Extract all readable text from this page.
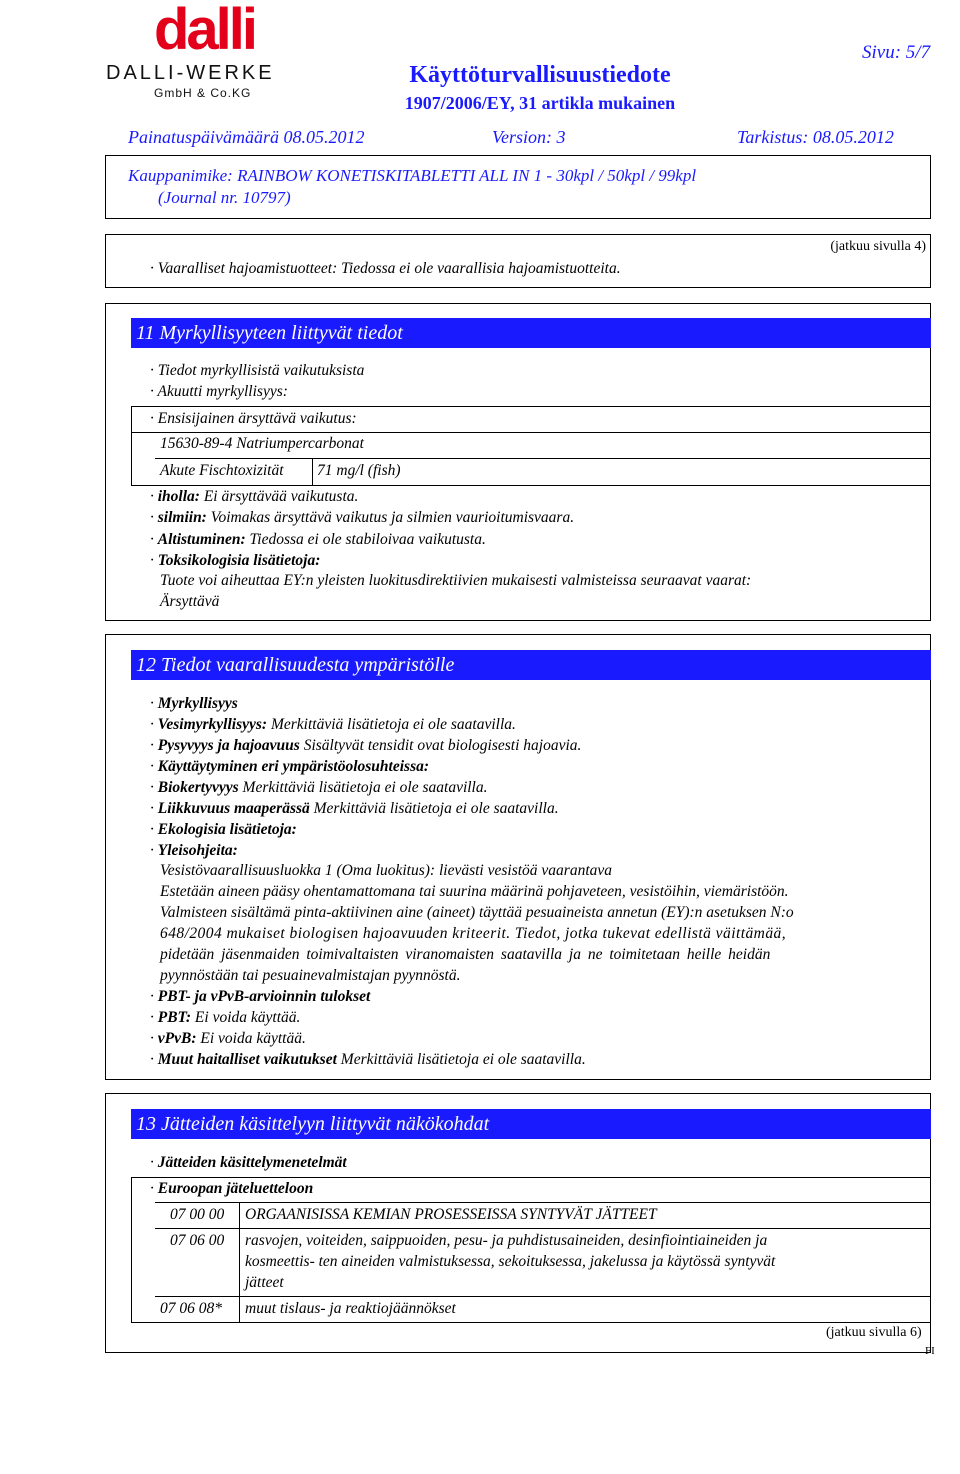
dalli
DALLI-WERKE
GmbH & Co.KG
Sivu: 5/7
Käyttöturvallisuustiedote
1907/2006/EY, 31 artikla mukainen
Painatuspäivämäärä 08.05.2012	Version: 3	Tarkistus: 08.05.2012
Kauppanimike: RAINBOW KONETISKITABLETTI ALL IN 1 - 30kpl / 50kpl / 99kpl
(Journal nr. 10797)
(jatkuu sivulla 4)
· Vaaralliset hajoamistuotteet: Tiedossa ei ole vaarallisia hajoamistuotteita.
11 Myrkyllisyyteen liittyvät tiedot
· Tiedot myrkyllisistä vaikutuksista
· Akuutti myrkyllisyys:
· Ensisijainen ärsyttävä vaikutus:
15630-89-4 Natriumpercarbonat
Akute Fischtoxizität 71 mg/l (fish)
· iholla: Ei ärsyttävää vaikutusta.
· silmiin: Voimakas ärsyttävä vaikutus ja silmien vaurioitumisvaara.
· Altistuminen: Tiedossa ei ole stabiloivaa vaikutusta.
· Toksikologisia lisätietoja:
Tuote voi aiheuttaa EY:n yleisten luokitusdirektiivien mukaisesti valmisteissa seuraavat vaarat:
Ärsyttävä
12 Tiedot vaarallisuudesta ympäristölle
· Myrkyllisyys
· Vesimyrkyllisyys: Merkittäviä lisätietoja ei ole saatavilla.
· Pysyvyys ja hajoavuus Sisältyvät tensidit ovat biologisesti hajoavia.
· Käyttäytyminen eri ympäristöolosuhteissa:
· Biokertyvyys Merkittäviä lisätietoja ei ole saatavilla.
· Liikkuvuus maaperässä Merkittäviä lisätietoja ei ole saatavilla.
· Ekologisia lisätietoja:
· Yleisohjeita:
Vesistövaarallisuusluokka 1 (Oma luokitus): lievästi vesistöä vaarantava
Estetään aineen pääsy ohentamattomana tai suurina määrinä pohjaveteen, vesistöihin, viemäristöön.
Valmisteen sisältämä pinta-aktiivinen aine (aineet) täyttää pesuaineista annetun (EY):n asetuksen N:o
648/2004 mukaiset biologisen hajoavuuden kriteerit. Tiedot, jotka tukevat edellistä väittämää,
pidetään jäsenmaiden toimivaltaisten viranomaisten saatavilla ja ne toimitetaan heille heidän
pyynnöstään tai pesuainevalmistajan pyynnöstä.
· PBT- ja vPvB-arvioinnin tulokset
· PBT: Ei voida käyttää.
· vPvB: Ei voida käyttää.
· Muut haitalliset vaikutukset Merkittäviä lisätietoja ei ole saatavilla.
13 Jätteiden käsittelyyn liittyvät näkökohdat
· Jätteiden käsittelymenetelmät
· Euroopan jäteluetteloon
07 00 00 ORGAANISISSA KEMIAN PROSESSEISSA SYNTYVÄT JÄTTEET
07 06 00 rasvojen, voiteiden, saippuoiden, pesu- ja puhdistusaineiden, desinfiointiaineiden ja
kosmeettis- ten aineiden valmistuksessa, sekoituksessa, jakelussa ja käytössä syntyvät
jätteet
07 06 08* muut tislaus- ja reaktiojäännökset
(jatkuu sivulla 6)
FI
